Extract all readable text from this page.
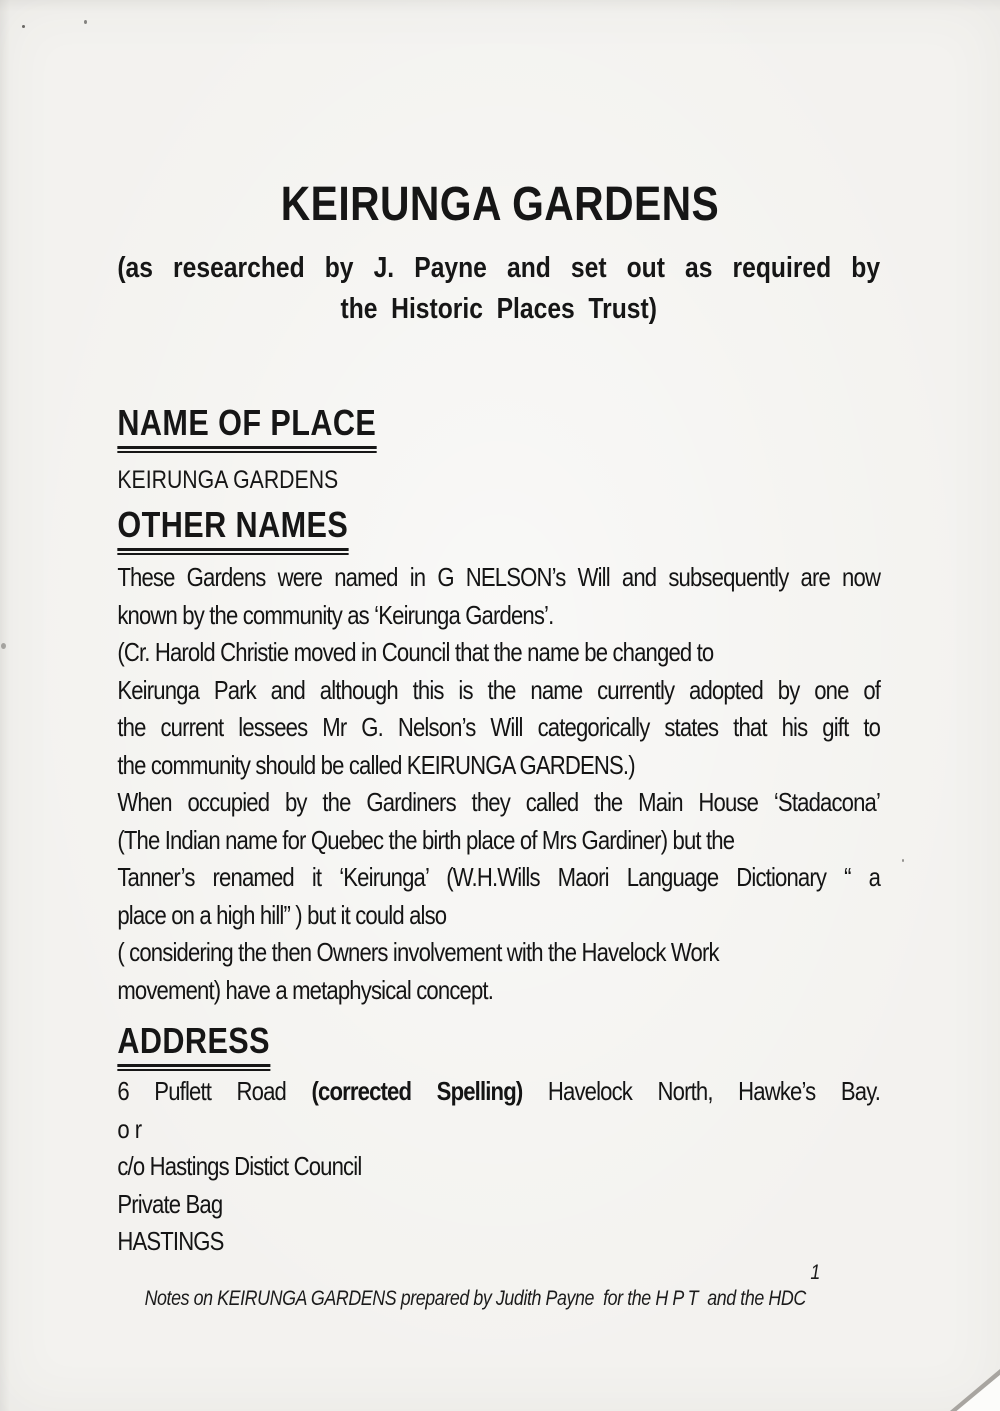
KEIRUNGA GARDENS

(as researched by J. Payne and set out as required by

the Historic Places Trust)

NAME OF PLACE

KEIRUNGA GARDENS

OTHER NAMES
These Gardens were named in G NELSON’s Will and subsequently are now
known by the community as ‘Keirunga Gardens’.
(Cr. Harold Christie moved in Council that the name be changed to
Keirunga Park and although this is the name currently adopted by one of
the current lessees Mr G. Nelson’s Will categorically states that his gift to
the community should be called KEIRUNGA GARDENS.)
When occupied by the Gardiners they called the Main House ‘Stadacona’
(The Indian name for Quebec the birth place of Mrs Gardiner) but the
Tanner’s renamed it ‘Keirunga’ (W.H.Wills Maori Language Dictionary “ a
place on a high hill” ) but it could also
( considering the then Owners involvement with the Havelock Work
movement) have a metaphysical concept.
ADDRESS
6 Puflett Road (corrected Spelling) Havelock North, Hawke’s Bay.
or
c/o Hastings Distict Council
Private Bag
HASTINGS

Notes on KEIRUNGA GARDENS prepared by Judith Payne  for the H P T  and the HDC

1
